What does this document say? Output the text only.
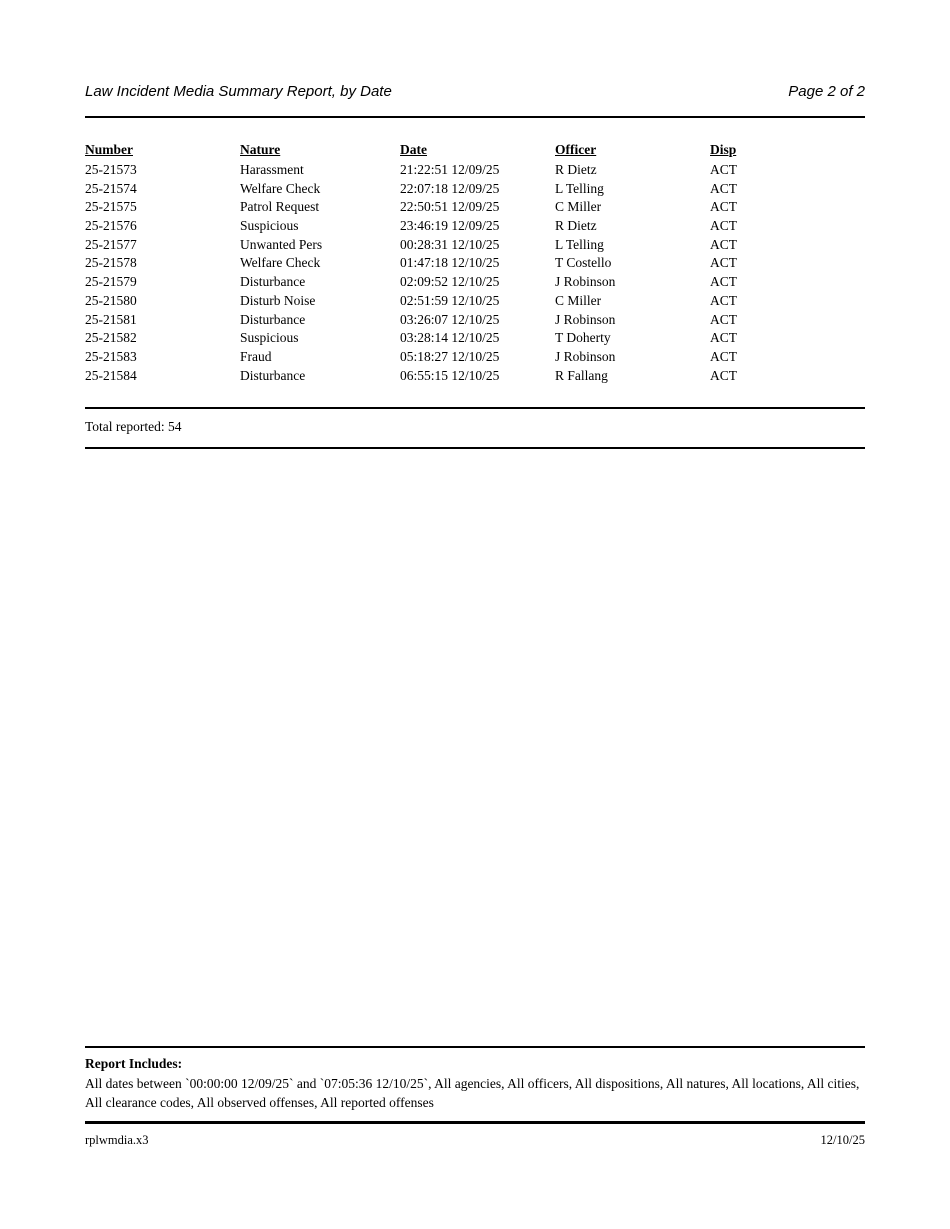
Law Incident Media Summary Report, by Date	Page 2 of 2
Number	Nature	Date	Officer	Disp
25-21573	Harassment	21:22:51 12/09/25	R Dietz	ACT
25-21574	Welfare Check	22:07:18 12/09/25	L Telling	ACT
25-21575	Patrol Request	22:50:51 12/09/25	C Miller	ACT
25-21576	Suspicious	23:46:19 12/09/25	R Dietz	ACT
25-21577	Unwanted Pers	00:28:31 12/10/25	L Telling	ACT
25-21578	Welfare Check	01:47:18 12/10/25	T Costello	ACT
25-21579	Disturbance	02:09:52 12/10/25	J Robinson	ACT
25-21580	Disturb Noise	02:51:59 12/10/25	C Miller	ACT
25-21581	Disturbance	03:26:07 12/10/25	J Robinson	ACT
25-21582	Suspicious	03:28:14 12/10/25	T Doherty	ACT
25-21583	Fraud	05:18:27 12/10/25	J Robinson	ACT
25-21584	Disturbance	06:55:15 12/10/25	R Fallang	ACT
Total reported: 54
Report Includes:
All dates between `00:00:00 12/09/25` and `07:05:36 12/10/25`, All agencies, All officers, All dispositions, All natures, All locations, All cities, All clearance codes, All observed offenses, All reported offenses
rplwmdia.x3	12/10/25
